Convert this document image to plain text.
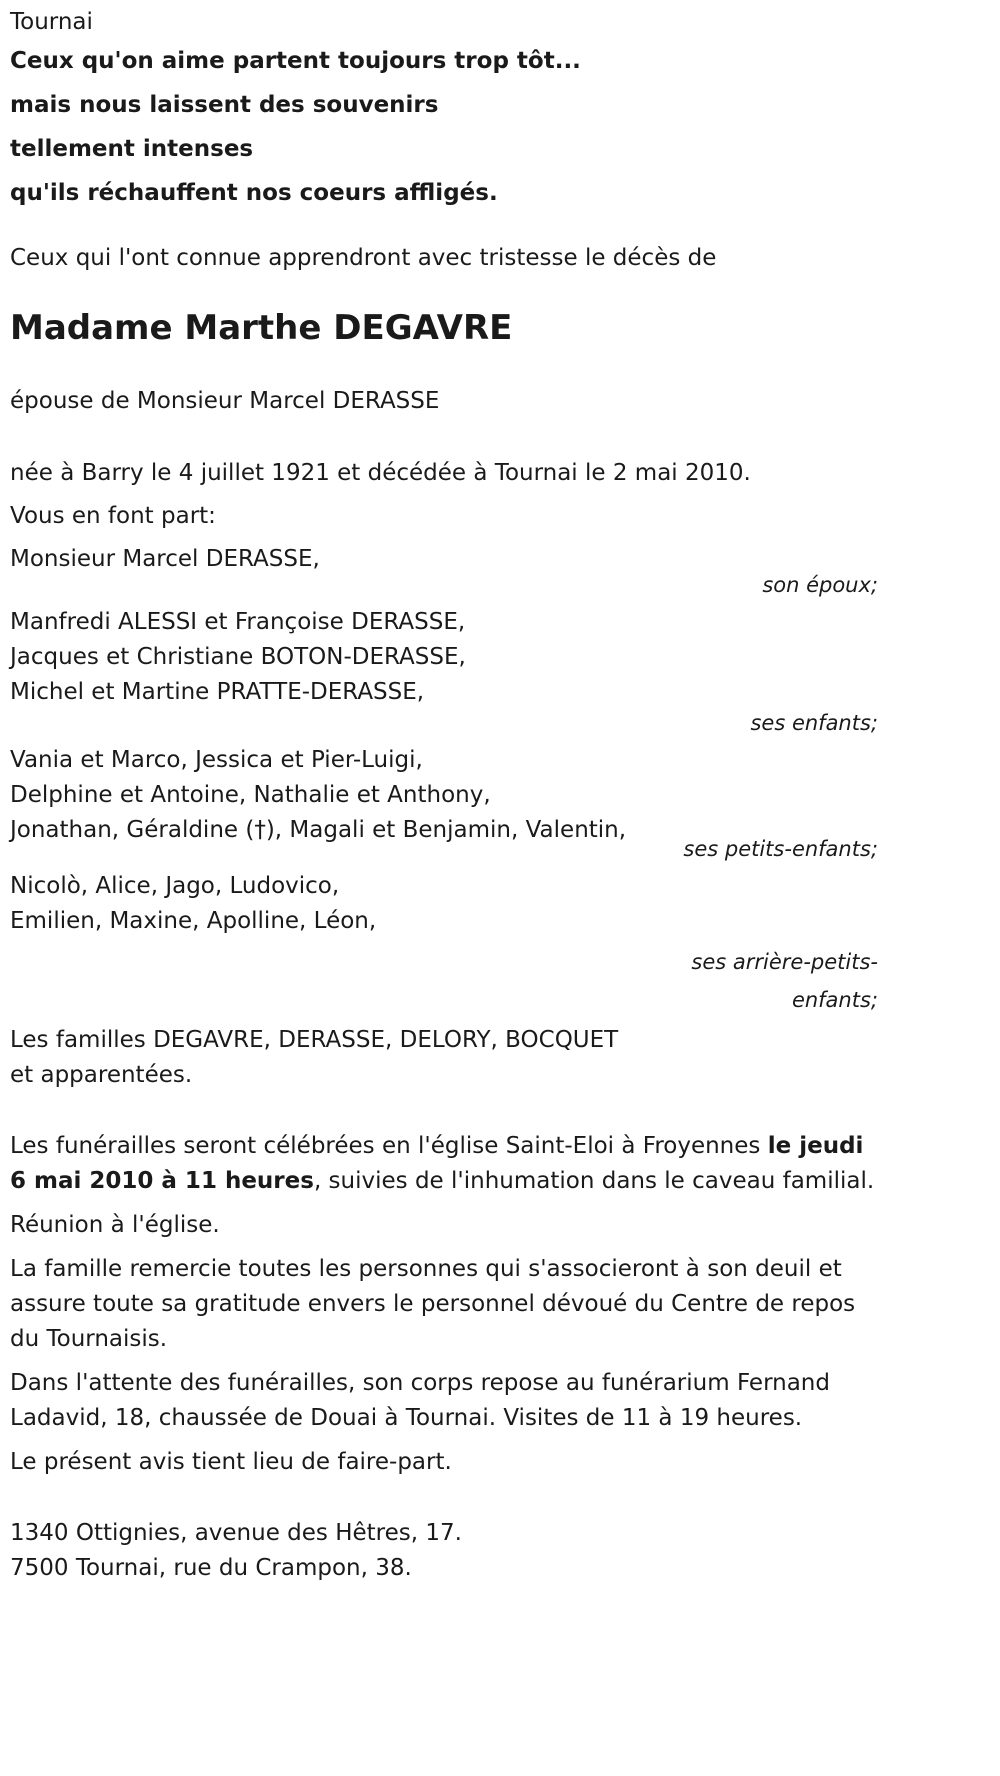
Tournai
Ceux qu'on aime partent toujours trop tôt...
mais nous laissent des souvenirs
tellement intenses
qu'ils réchauffent nos coeurs affligés.
Ceux qui l'ont connue apprendront avec tristesse le décès de
Madame Marthe DEGAVRE
épouse de Monsieur Marcel DERASSE
née à Barry le 4 juillet 1921 et décédée à Tournai le 2 mai 2010.
Vous en font part:
Monsieur Marcel DERASSE,
son époux;
Manfredi ALESSI et Françoise DERASSE,
Jacques et Christiane BOTON-DERASSE,
Michel et Martine PRATTE-DERASSE,
ses enfants;
Vania et Marco, Jessica et Pier-Luigi,
Delphine et Antoine, Nathalie et Anthony,
Jonathan, Géraldine (†), Magali et Benjamin, Valentin,
ses petits-enfants;
Nicolò, Alice, Jago, Ludovico,
Emilien, Maxine, Apolline, Léon,
ses arrière-petits-enfants;
Les familles DEGAVRE, DERASSE, DELORY, BOCQUET
et apparentées.

Les funérailles seront célébrées en l'église Saint-Eloi à Froyennes le jeudi 6 mai 2010 à 11 heures, suivies de l'inhumation dans le caveau familial.

Réunion à l'église.

La famille remercie toutes les personnes qui s'associeront à son deuil et assure toute sa gratitude envers le personnel dévoué du Centre de repos du Tournaisis.

Dans l'attente des funérailles, son corps repose au funérarium Fernand Ladavid, 18, chaussée de Douai à Tournai. Visites de 11 à 19 heures.

Le présent avis tient lieu de faire-part.

1340 Ottignies, avenue des Hêtres, 17.
7500 Tournai, rue du Crampon, 38.
